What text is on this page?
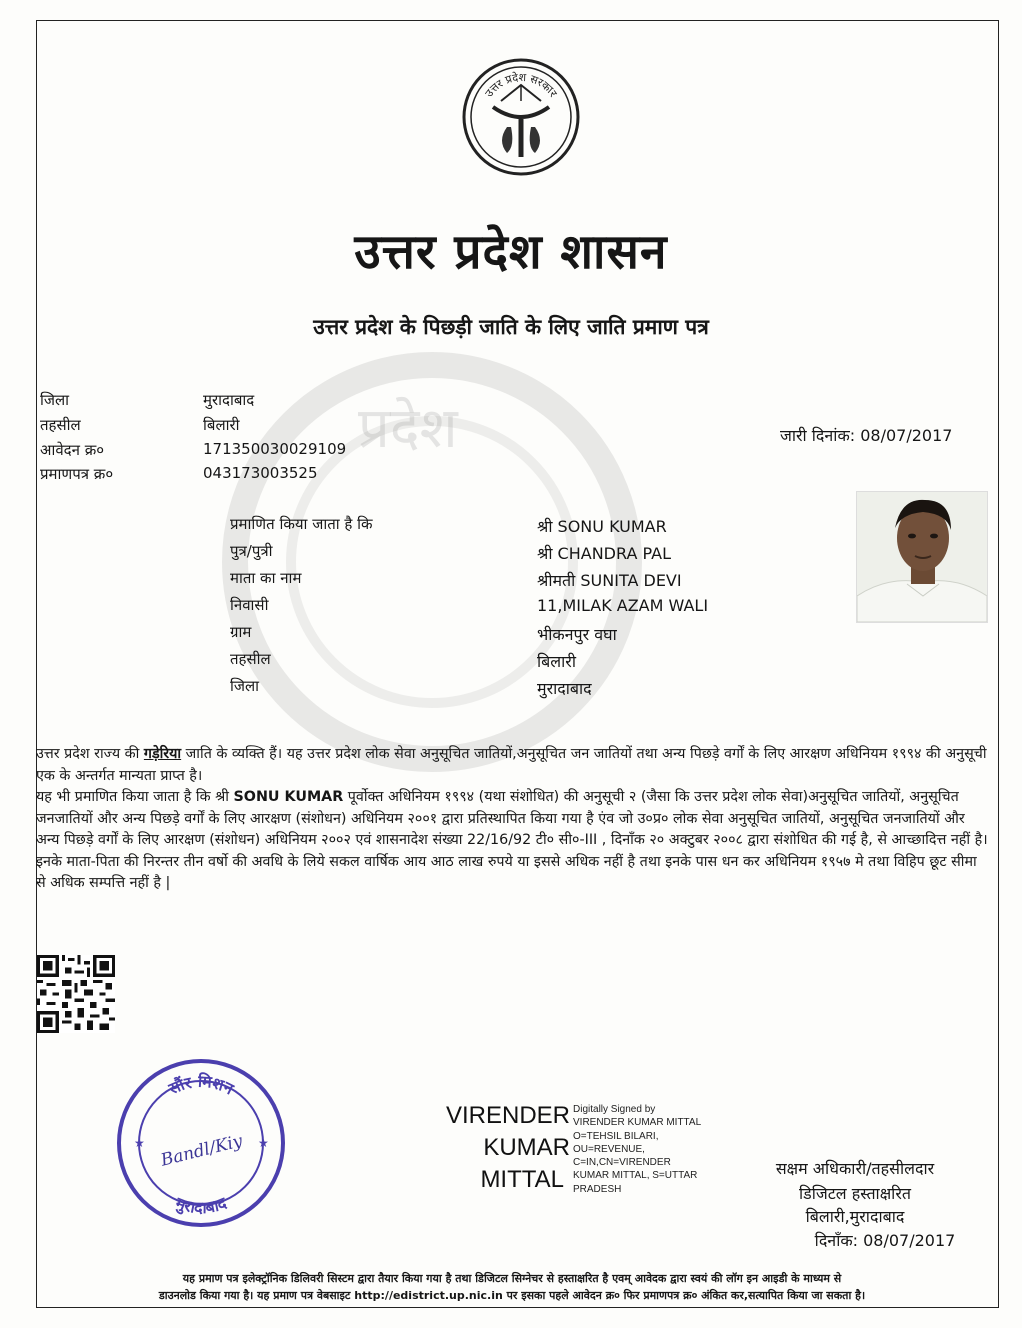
प्रदेश
उत्तर प्रदेश सरकार
उत्तर प्रदेश शासन
उत्तर प्रदेश के पिछड़ी जाति के लिए जाति प्रमाण पत्र
जिला	मुरादाबाद
तहसील	बिलारी
आवेदन क्र०	171350030029109
प्रमाणपत्र क्र०	043173003525
जारी दिनांक: 08/07/2017
प्रमाणित किया जाता है कि	श्री SONU KUMAR
पुत्र/पुत्री	श्री CHANDRA PAL
माता का नाम	श्रीमती SUNITA DEVI
निवासी	11,MILAK AZAM WALI
ग्राम	भीकनपुर वघा
तहसील	बिलारी
जिला	मुरादाबाद

उत्तर प्रदेश राज्य की गड़ेरिया जाति के व्यक्ति हैं। यह उत्तर प्रदेश लोक सेवा अनुसूचित जातियों,अनुसूचित जन जातियों तथा अन्य पिछड़े वर्गों के लिए आरक्षण अधिनियम १९९४ की अनुसूची एक के अन्तर्गत मान्यता प्राप्त है।

यह भी प्रमाणित किया जाता है कि श्री SONU KUMAR पूर्वोक्त अधिनियम १९९४ (यथा संशोधित) की अनुसूची २ (जैसा कि उत्तर प्रदेश लोक सेवा)अनुसूचित जातियों, अनुसूचित जनजातियों और अन्य पिछड़े वर्गों के लिए आरक्षण (संशोधन) अधिनियम २००१ द्वारा प्रतिस्थापित किया गया है एंव जो उ०प्र० लोक सेवा अनुसूचित जातियों, अनुसूचित जनजातियों और अन्य पिछड़े वर्गों के लिए आरक्षण (संशोधन) अधिनियम २००२ एवं शासनादेश संख्या 22/16/92 टी० सी०-III , दिनाँक २० अक्टुबर २००८ द्वारा संशोधित की गई है, से आच्छादित्त नहीं है।इनके माता-पिता की निरन्तर तीन वर्षो की अवधि के लिये सकल वार्षिक आय आठ लाख रुपये या इससे अधिक नहीं है तथा इनके पास धन कर अधिनियम १९५७ मे तथा विहिप छूट सीमा से अधिक सम्पत्ति नहीं है |

सौंर मिशन
मुरादाबाद
★	★
Bandl/Kiy
VIRENDER
KUMAR
MITTAL
Digitally Signed by
VIRENDER KUMAR MITTAL
O=TEHSIL BILARI,
OU=REVENUE,
C=IN,CN=VIRENDER
KUMAR MITTAL, S=UTTAR
PRADESH
सक्षम अधिकारी/तहसीलदार
डिजिटल हस्ताक्षरित
बिलारी,मुरादाबाद
दिनाँक: 08/07/2017

यह प्रमाण पत्र इलेक्ट्रॉनिक डिलिवरी सिस्टम द्वारा तैयार किया गया है तथा डिजिटल सिग्नेचर से हस्ताक्षरित है एवम् आवेदक द्वारा स्वयं की लॉग इन आइडी के माध्यम से

डाउनलोड किया गया है। यह प्रमाण पत्र वेबसाइट http://edistrict.up.nic.in पर इसका पहले आवेदन क्र० फिर प्रमाणपत्र क्र० अंकित कर,सत्यापित किया जा सकता है।
